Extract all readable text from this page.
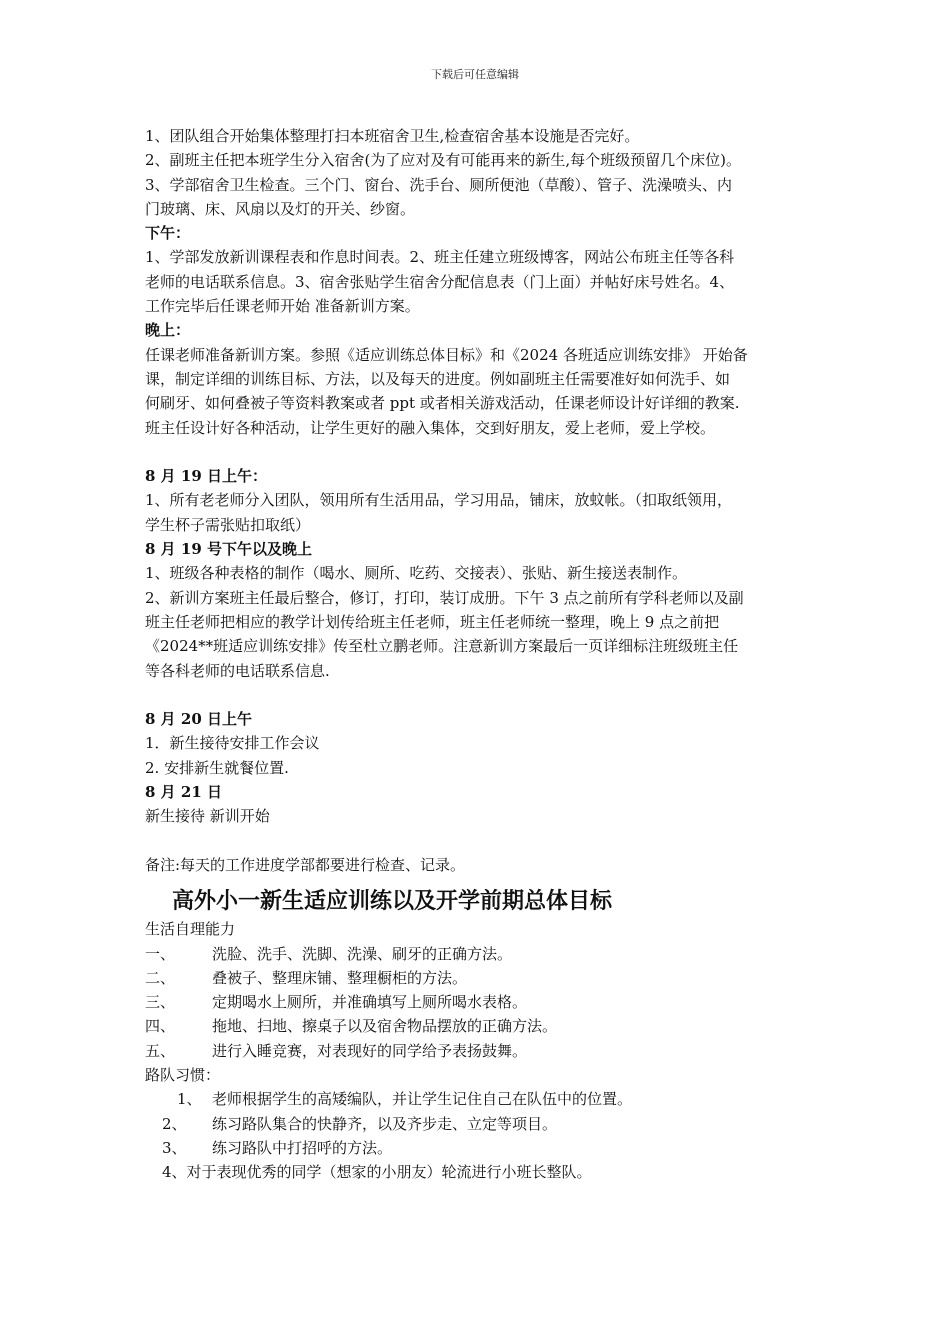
下载后可任意编辑

1、团队组合开始集体整理打扫本班宿舍卫生,检查宿舍基本设施是否完好。

2、副班主任把本班学生分入宿舍(为了应对及有可能再来的新生,每个班级预留几个床位)。

3、学部宿舍卫生检查。三个门、窗台、洗手台、厕所便池（草酸）、管子、洗澡喷头、内

门玻璃、床、风扇以及灯的开关、纱窗。

下午：

1、学部发放新训课程表和作息时间表。2、班主任建立班级博客，网站公布班主任等各科

老师的电话联系信息。3、宿舍张贴学生宿舍分配信息表（门上面）并帖好床号姓名。4、

工作完毕后任课老师开始 准备新训方案。

晚上：

任课老师准备新训方案。参照《适应训练总体目标》和《2024 各班适应训练安排》 开始备

课，制定详细的训练目标、方法，以及每天的进度。例如副班主任需要准好如何洗手、如

何刷牙、如何叠被子等资料教案或者 ppt 或者相关游戏活动，任课老师设计好详细的教案.

班主任设计好各种活动，让学生更好的融入集体，交到好朋友，爱上老师，爱上学校。

8 月 19 日上午：

1、所有老老师分入团队，领用所有生活用品，学习用品，铺床，放蚊帐。（扣取纸领用，

学生杯子需张贴扣取纸）

8 月 19 号下午以及晚上

1、班级各种表格的制作（喝水、厕所、吃药、交接表）、张贴、新生接送表制作。

2、新训方案班主任最后整合，修订，打印，装订成册。下午 3 点之前所有学科老师以及副

班主任老师把相应的教学计划传给班主任老师，班主任老师统一整理，晚上 9 点之前把

《2024**班适应训练安排》传至杜立鹏老师。注意新训方案最后一页详细标注班级班主任

等各科老师的电话联系信息.

8 月 20 日上午

1．新生接待安排工作会议

2. 安排新生就餐位置.

8 月 21 日

新生接待 新训开始

备注:每天的工作进度学部都要进行检查、记录。

高外小一新生适应训练以及开学前期总体目标

生活自理能力

一、	洗脸、洗手、洗脚、洗澡、刷牙的正确方法。
二、	叠被子、整理床铺、整理橱柜的方法。
三、	定期喝水上厕所，并准确填写上厕所喝水表格。
四、	拖地、扫地、擦桌子以及宿舍物品摆放的正确方法。
五、	进行入睡竞赛，对表现好的同学给予表扬鼓舞。

路队习惯：

1、 老师根据学生的高矮编队，并让学生记住自己在队伍中的位置。
2、	练习路队集合的快静齐，以及齐步走、立定等项目。
3、	练习路队中打招呼的方法。
4、对于表现优秀的同学（想家的小朋友）轮流进行小班长整队。
